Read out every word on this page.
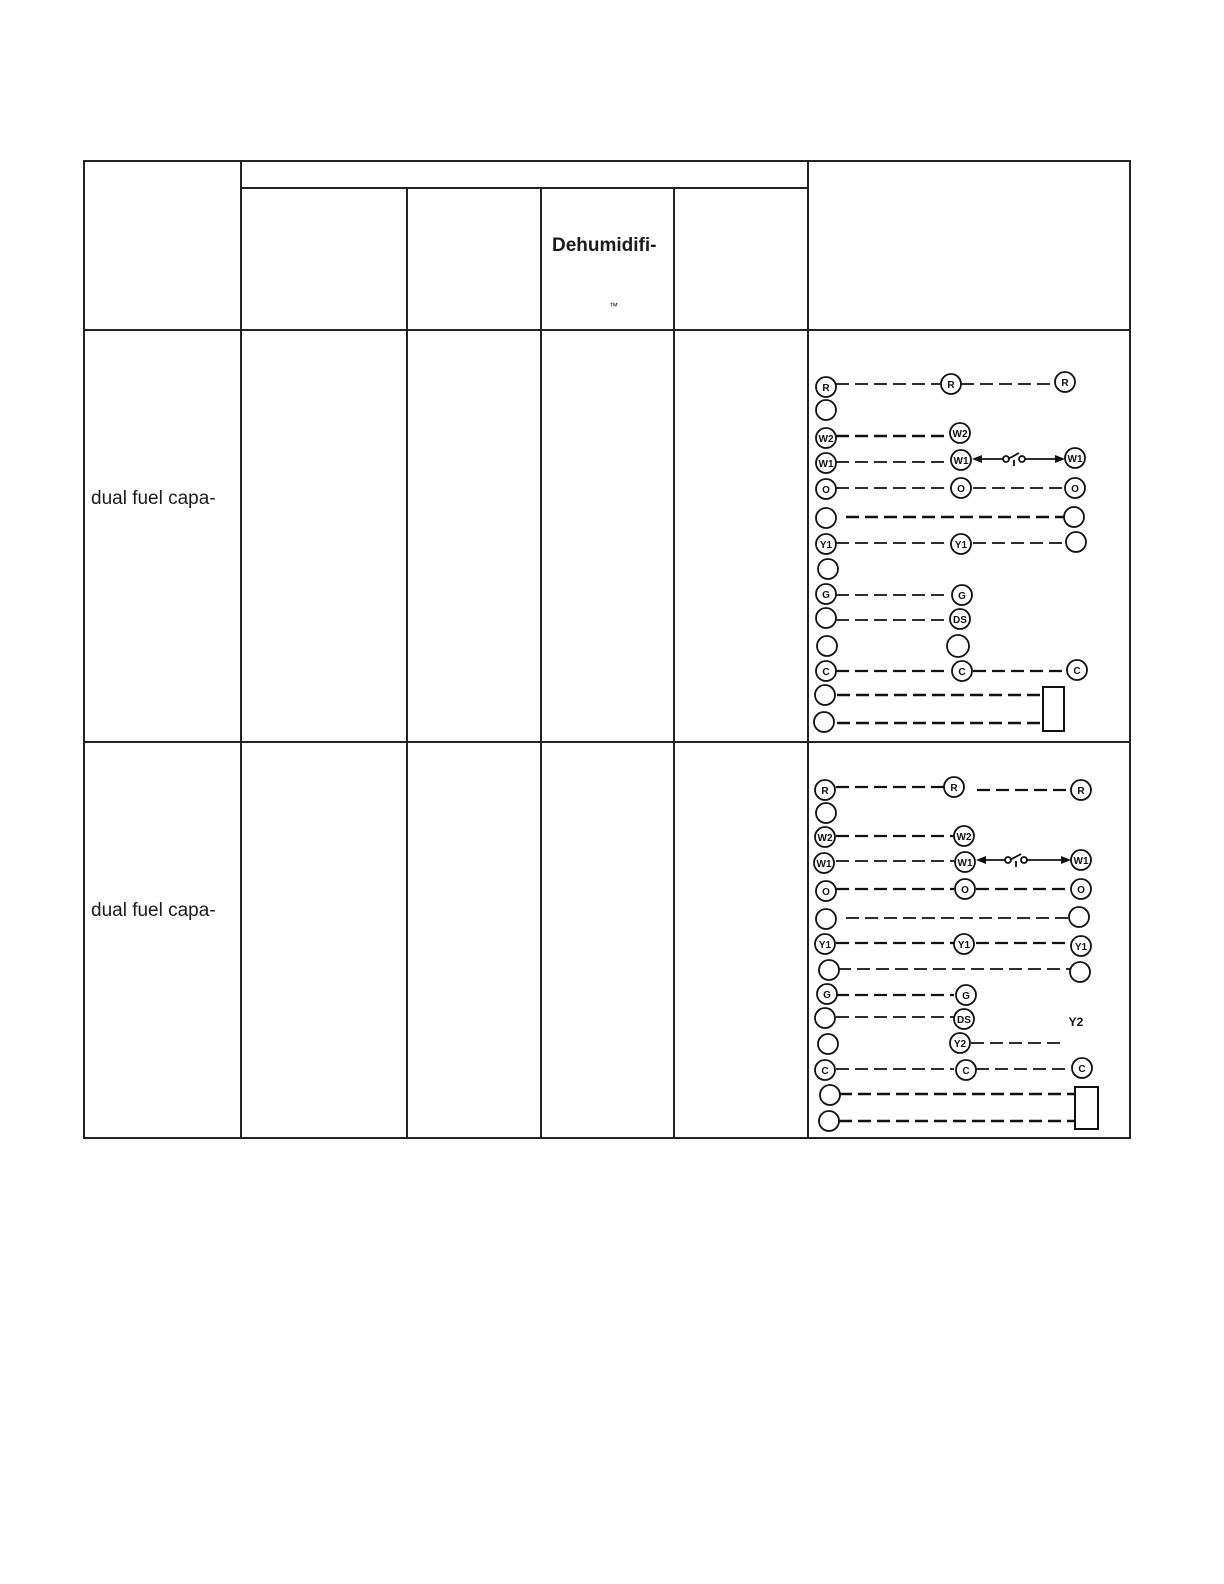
Dehumidifi-
™
dual fuel capa-
dual fuel capa-
R
W2
W1
O
Y1
G
C
R
W2
W1
O
Y1
G
DS
C
R
W1
O
C
R
W2
W1
O
Y1
G
C
R
W2
W1
O
Y1
G
DS
Y2
C
R
W1
O
Y1
C
Y2
